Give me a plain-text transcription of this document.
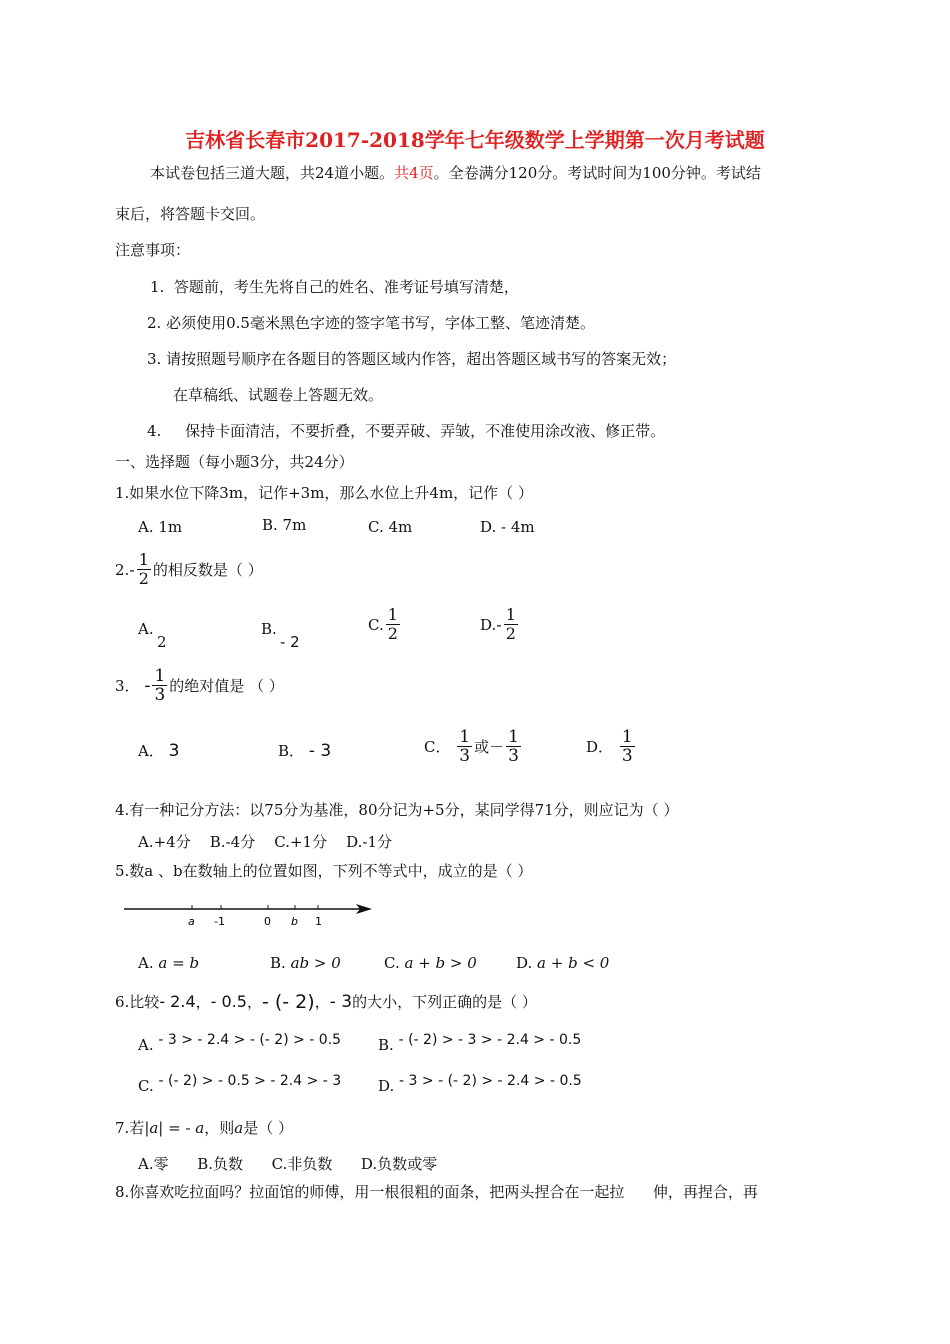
吉林省长春市2017-2018学年七年级数学上学期第一次月考试题
本试卷包括三道大题，共24道小题。共4页。全卷满分120分。考试时间为100分钟。考试结
束后，将答题卡交回。
注意事项：
1. 答题前，考生先将自己的姓名、准考证号填写清楚，
2. 必须使用0.5毫米黑色字迹的签字笔书写，字体工整、笔迹清楚。
3. 请按照题号顺序在各题目的答题区域内作答，超出答题区域书写的答案无效；
在草稿纸、试题卷上答题无效。
4. 保持卡面清洁，不要折叠，不要弄破、弄皱，不准使用涂改液、修正带。
一、选择题（每小题3分，共24分）
1.如果水位下降3m，记作+3m，那么水位上升4m，记作（ ）
A. 1m	B. 7m	C. 4m	D. - 4m
2. - $\frac{1}{2}$ 的相反数是（ ）
A.
2
B.
- 2
C. $\frac{1}{2}$	D. - $\frac{1}{2}$
3．
- $\frac{1}{3}$ 的绝对值是 （ ）
A．
3	B．
- 3	C．
$\frac{1}{3}$ 或－ $\frac{1}{3}$	D．
$\frac{1}{3}$
4.有一种记分方法：以75分为基准，80分记为+5分，某同学得71分，则应记为（ ）
A.+4分    B.-4分    C.+1分    D.-1分
5.数a 、b在数轴上的位置如图，下列不等式中，成立的是（ ）
a -1	0 b 1
A. a = b	B. ab > 0	C. a + b > 0	D. a + b < 0
6.比较 - 2.4 ， - 0.5 ， - (- 2) ， - 3 的大小，下列正确的是（ ）
A.
- 3 > - 2.4 > - (- 2) > - 0.5 B.
- (- 2) > - 3 > - 2.4 > - 0.5
C.
- (- 2) > - 0.5 > - 2.4 > - 3 D.
- 3 > - (- 2) > - 2.4 > - 0.5
7.若|a| = - a，则a是（ ）
A.零      B.负数      C.非负数      D.负数或零
8.你喜欢吃拉面吗？拉面馆的师傅，用一根很粗的面条，把两头捏合在一起拉      伸，再捏合，再
